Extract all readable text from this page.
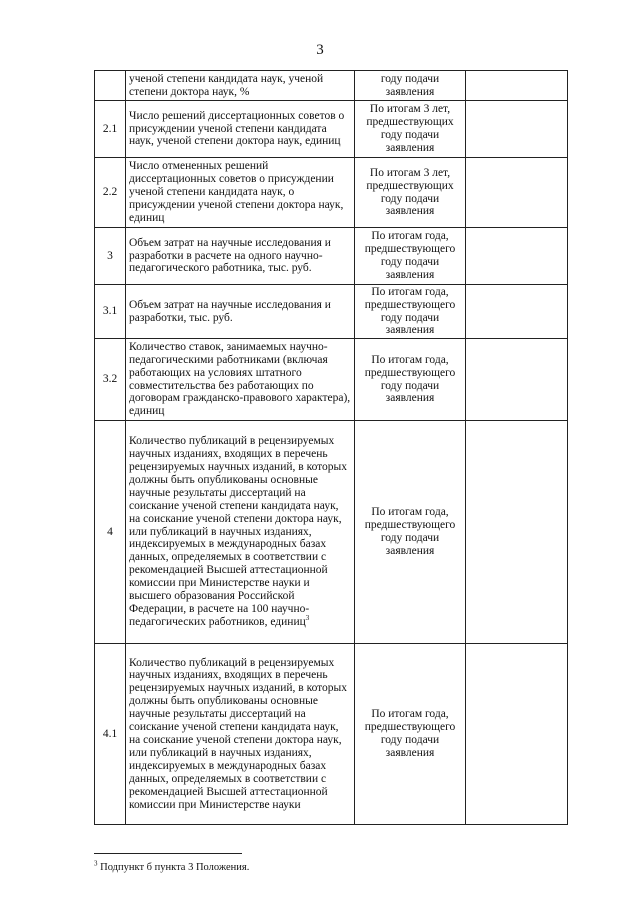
3
	ученой степени кандидата наук, ученой степени доктора наук, %	году подачи заявления	
2.1	Число решений диссертационных советов о присуждении ученой степени кандидата наук, ученой степени доктора наук, единиц	По итогам 3 лет, предшествующих году подачи заявления	
2.2	Число отмененных решений диссертационных советов о присуждении ученой степени кандидата наук, о присуждении ученой степени доктора наук, единиц	По итогам 3 лет, предшествующих году подачи заявления	
3	Объем затрат на научные исследования и разработки в расчете на одного научно-педагогического работника, тыс. руб.	По итогам года, предшествующего году подачи заявления	
3.1	Объем затрат на научные исследования и разработки, тыс. руб.	По итогам года, предшествующего году подачи заявления	
3.2	Количество ставок, занимаемых научно-педагогическими работниками (включая работающих на условиях штатного совместительства без работающих по договорам гражданско-правового характера), единиц	По итогам года, предшествующего году подачи заявления	
4	Количество публикаций в рецензируемых научных изданиях, входящих в перечень рецензируемых научных изданий, в которых должны быть опубликованы основные научные результаты диссертаций на соискание ученой степени кандидата наук, на соискание ученой степени доктора наук, или публикаций в научных изданиях, индексируемых в международных базах данных, определяемых в соответствии с рекомендацией Высшей аттестационной комиссии при Министерстве науки и высшего образования Российской Федерации, в расчете на 100 научно-педагогических работников, единиц$^3$	По итогам года, предшествующего году подачи заявления	
4.1	Количество публикаций в рецензируемых научных изданиях, входящих в перечень рецензируемых научных изданий, в которых должны быть опубликованы основные научные результаты диссертаций на соискание ученой степени кандидата наук, на соискание ученой степени доктора наук, или публикаций в научных изданиях, индексируемых в международных базах данных, определяемых в соответствии с рекомендацией Высшей аттестационной комиссии при Министерстве науки	По итогам года, предшествующего году подачи заявления	
$^3$ Подпункт б пункта 3 Положения.
